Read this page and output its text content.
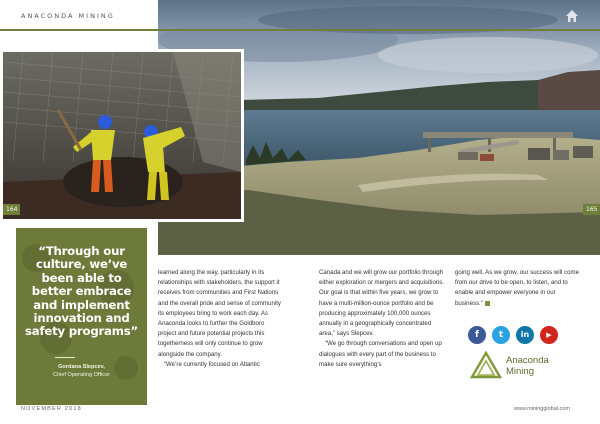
ANACONDA MINING
164	165
“Through our culture, we’ve been able to better embrace and implement innovation and safety programs”
Gordana Slepcev,
Chief Operating Officer

learned along the way, particularly in its relationships with stakeholders, the support it receives from communities and First Nations and the overall pride and sense of community its employees bring to work each day. As Anaconda looks to further the Goldboro project and future potential projects this togetherness will only continue to grow alongside the company.

“We’re currently focused on Atlantic

Canada and we will grow our portfolio through either exploration or mergers and acquisitions. Our goal is that within five years, we grow to have a multi-million-ounce portfolio and be producing approximately 100,000 ounces annually in a geographically concentrated area,” says Slepcev.

“We go through conversations and open up dialogues with every part of the business to make sure everything’s

going well. As we grow, our success will come from our drive to be open, to listen, and to enable and empower everyone in our business.”

f	t	in	▶
Anaconda
Mining
NOVEMBER 2018	www.miningglobal.com
